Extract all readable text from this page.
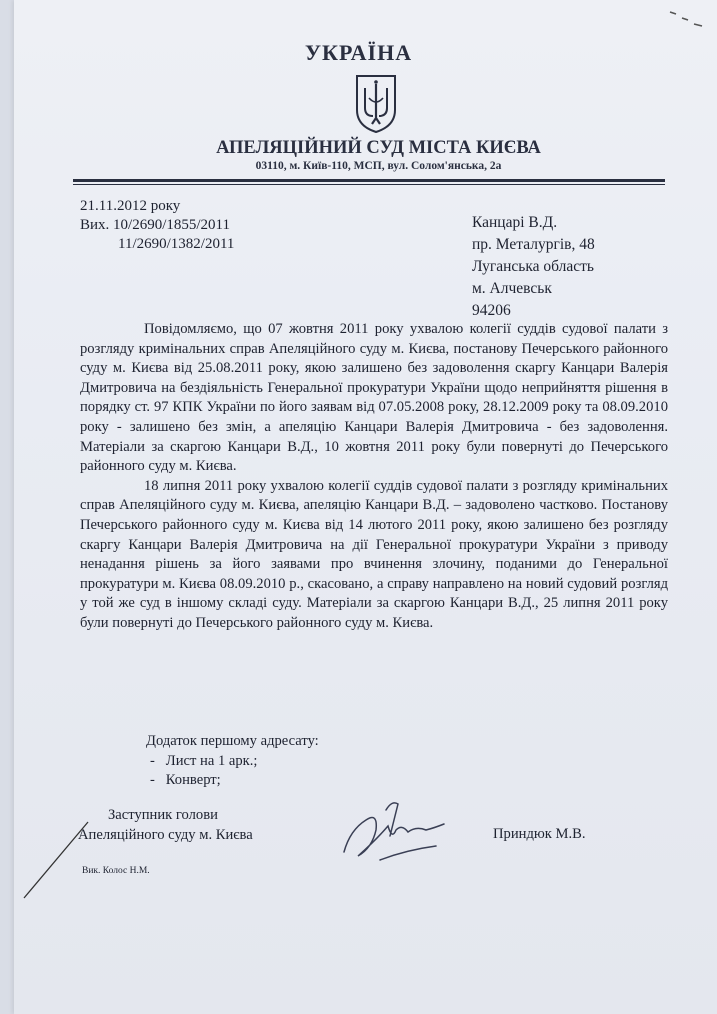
УКРАЇНА
АПЕЛЯЦІЙНИЙ СУД МІСТА КИЄВА
03110, м. Київ-110, МСП, вул. Солом'янська, 2а
21.11.2012 року
Вих. 10/2690/1855/2011
11/2690/1382/2011
Канцарі В.Д.
пр. Металургів, 48
Луганська область
м. Алчевськ
94206

Повідомляємо, що 07 жовтня 2011 року ухвалою колегії суддів судової палати з розгляду кримінальних справ Апеляційного суду м. Києва, постанову Печерського районного суду м. Києва від 25.08.2011 року, якою залишено без задоволення скаргу Канцари Валерія Дмитровича на бездіяльність Генеральної прокуратури України щодо неприйняття рішення в порядку ст. 97 КПК України по його заявам від 07.05.2008 року, 28.12.2009 року та 08.09.2010 року - залишено без змін, а апеляцію Канцари Валерія Дмитровича - без задоволення. Матеріали за скаргою Канцари В.Д., 10 жовтня 2011 року були повернуті до Печерського районного суду м. Києва.

18 липня 2011 року ухвалою колегії суддів судової палати з розгляду кримінальних справ Апеляційного суду м. Києва, апеляцію Канцари В.Д. – задоволено частково. Постанову Печерського районного суду м. Києва від 14 лютого 2011 року, якою залишено без розгляду скаргу Канцари Валерія Дмитровича на дії Генеральної прокуратури України з приводу ненадання рішень за його заявами про вчинення злочину, поданими до Генеральної прокуратури м. Києва 08.09.2010 р., скасовано, а справу направлено на новий судовий розгляд у той же суд в іншому складі суду. Матеріали за скаргою Канцари В.Д., 25 липня 2011 року були повернуті до Печерського районного суду м. Києва.

Додаток першому адресату:
-   Лист на 1 арк.;
-   Конверт;
Заступник голови
Апеляційного суду м. Києва	Приндюк М.В.
Вик. Колос Н.М.
